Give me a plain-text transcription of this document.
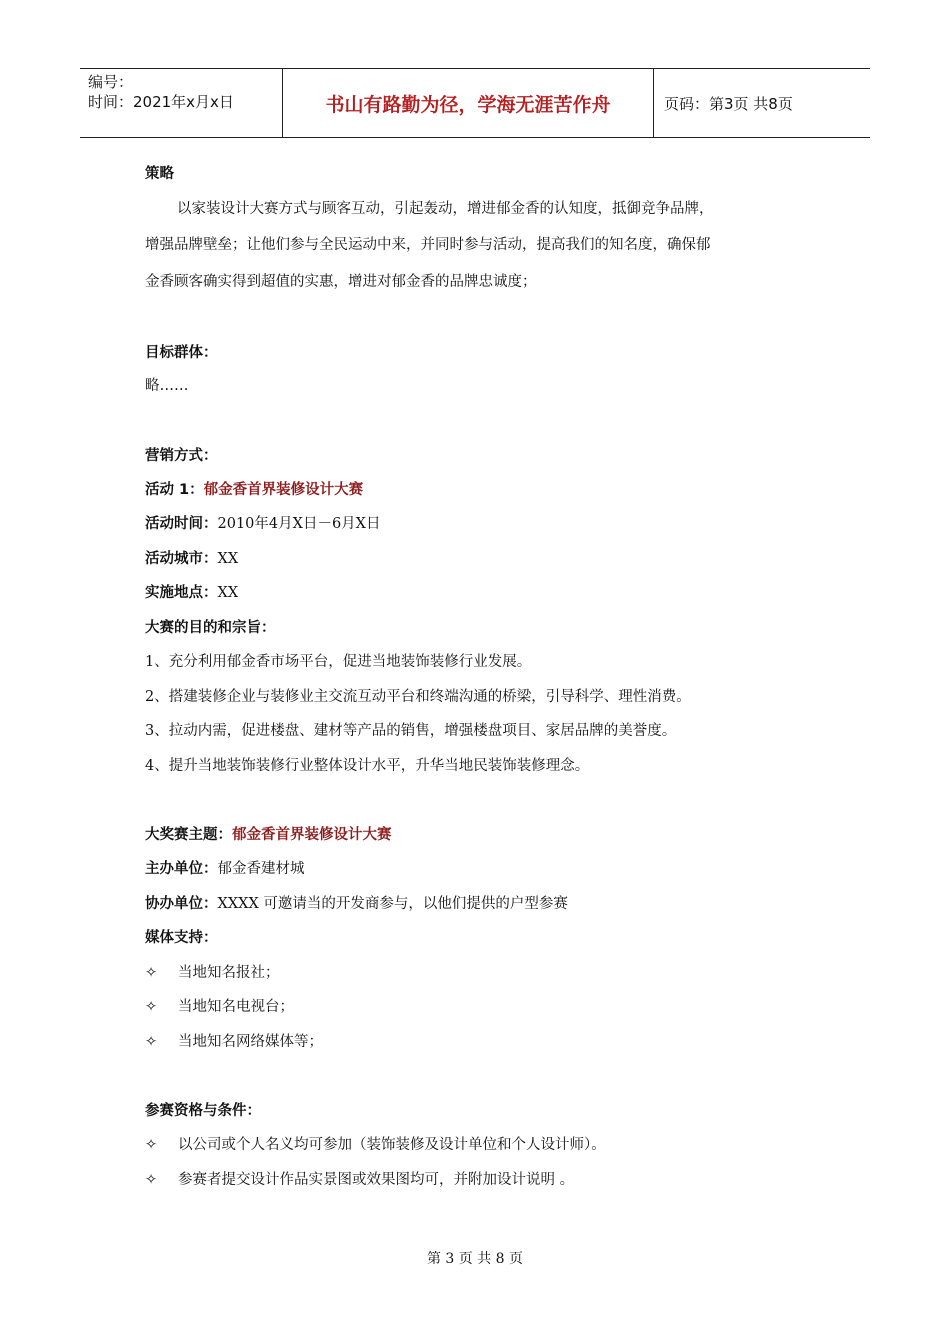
编号：
时间：2021年x月x日	书山有路勤为径，学海无涯苦作舟	页码：第3页 共8页
策略
以家装设计大赛方式与顾客互动，引起轰动，增进郁金香的认知度，抵御竞争品牌，
增强品牌壁垒；让他们参与全民运动中来，并同时参与活动，提高我们的知名度，确保郁
金香顾客确实得到超值的实惠，增进对郁金香的品牌忠诚度；
目标群体：
略……
营销方式：
活动 1：郁金香首界装修设计大赛
活动时间：2010年4月X日－6月X日
活动城市：XX
实施地点：XX
大赛的目的和宗旨：
1、充分利用郁金香市场平台，促进当地装饰装修行业发展。
2、搭建装修企业与装修业主交流互动平台和终端沟通的桥梁，引导科学、理性消费。
3、拉动内需，促进楼盘、建材等产品的销售，增强楼盘项目、家居品牌的美誉度。
4、提升当地装饰装修行业整体设计水平，升华当地民装饰装修理念。
大奖赛主题：郁金香首界装修设计大赛
主办单位：郁金香建材城
协办单位：XXXX 可邀请当的开发商参与，以他们提供的户型参赛
媒体支持：
✧ 当地知名报社；
✧ 当地知名电视台；
✧ 当地知名网络媒体等；
参赛资格与条件：
✧ 以公司或个人名义均可参加（装饰装修及设计单位和个人设计师）。
✧ 参赛者提交设计作品实景图或效果图均可，并附加设计说明 。
第 3 页 共 8 页
